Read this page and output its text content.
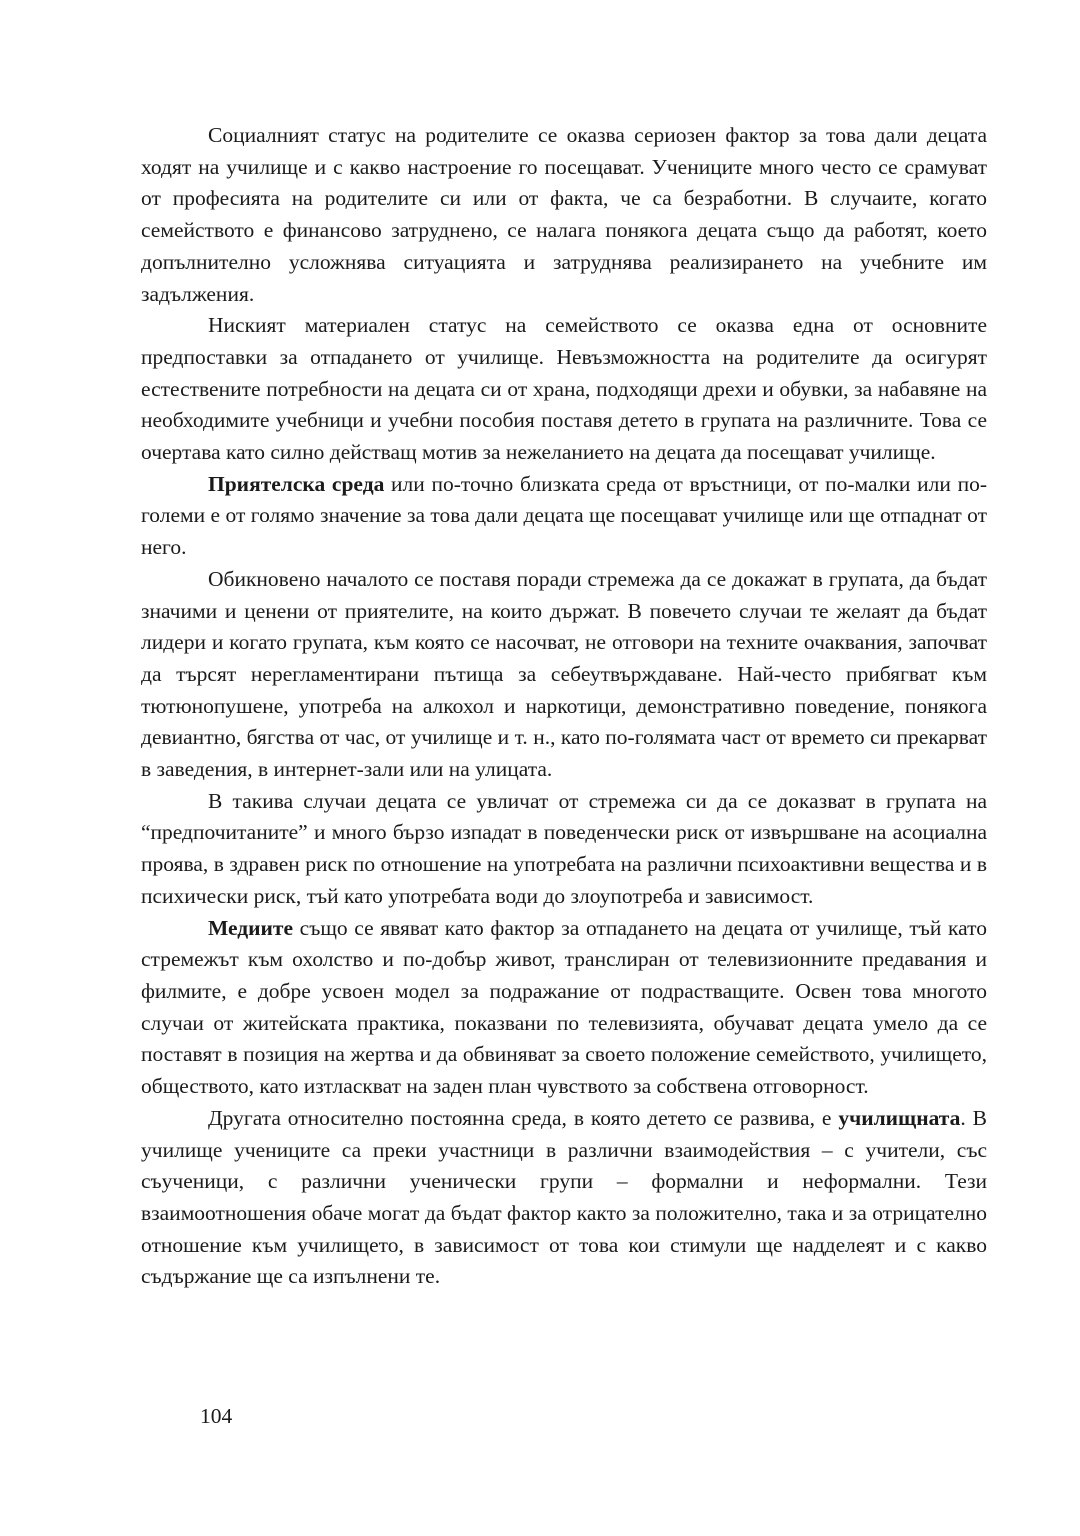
Социалният статус на родителите се оказва сериозен фактор за това дали децата ходят на училище и с какво настроение го посещават. Учениците много често се срамуват от професията на родителите си или от факта, че са безработни. В случаите, когато семейството е финансово затруднено, се налага понякога децата също да работят, което допълнително усложнява ситуацията и затруднява реализирането на учебните им задължения.

Ниският материален статус на семейството се оказва една от основните предпоставки за отпадането от училище. Невъзможността на родителите да осигурят естествените потребности на децата си от храна, подходящи дрехи и обувки, за набавяне на необходимите учебници и учебни пособия поставя детето в групата на различните. Това се очертава като силно действащ мотив за нежеланието на децата да посещават училище.

Приятелска среда или по-точно близката среда от връстници, от по-малки или по-големи е от голямо значение за това дали децата ще посещават училище или ще отпаднат от него.

Обикновено началото се поставя поради стремежа да се докажат в групата, да бъдат значими и ценени от приятелите, на които държат. В повечето случаи те желаят да бъдат лидери и когато групата, към която се насочват, не отговори на техните очаквания, започват да търсят нерегламентирани пътища за себеутвърждаване. Най-често прибягват към тютюнопушене, употреба на алкохол и наркотици, демонстративно поведение, понякога девиантно, бягства от час, от училище и т. н., като по-голямата част от времето си прекарват в заведения, в интернет-зали или на улицата.

В такива случаи децата се увличат от стремежа си да се доказват в групата на “предпочитаните” и много бързо изпадат в поведенчески риск от извършване на асоциална проява, в здравен риск по отношение на употребата на различни психоактивни вещества и в психически риск, тъй като употребата води до злоупотреба и зависимост.

Медиите също се явяват като фактор за отпадането на децата от училище, тъй като стремежът към охолство и по-добър живот, транслиран от телевизионните предавания и филмите, е добре усвоен модел за подражание от подрастващите. Освен това многото случаи от житейската практика, показвани по телевизията, обучават децата умело да се поставят в позиция на жертва и да обвиняват за своето положение семейството, училището, обществото, като изтласкват на заден план чувството за собствена отговорност.

Другата относително постоянна среда, в която детето се развива, е училищната. В училище учениците са преки участници в различни взаимодействия – с учители, със съученици, с различни ученически групи – формални и неформални. Тези взаимоотношения обаче могат да бъдат фактор както за положително, така и за отрицателно отношение към училището, в зависимост от това кои стимули ще надделеят и с какво съдържание ще са изпълнени те.

104
